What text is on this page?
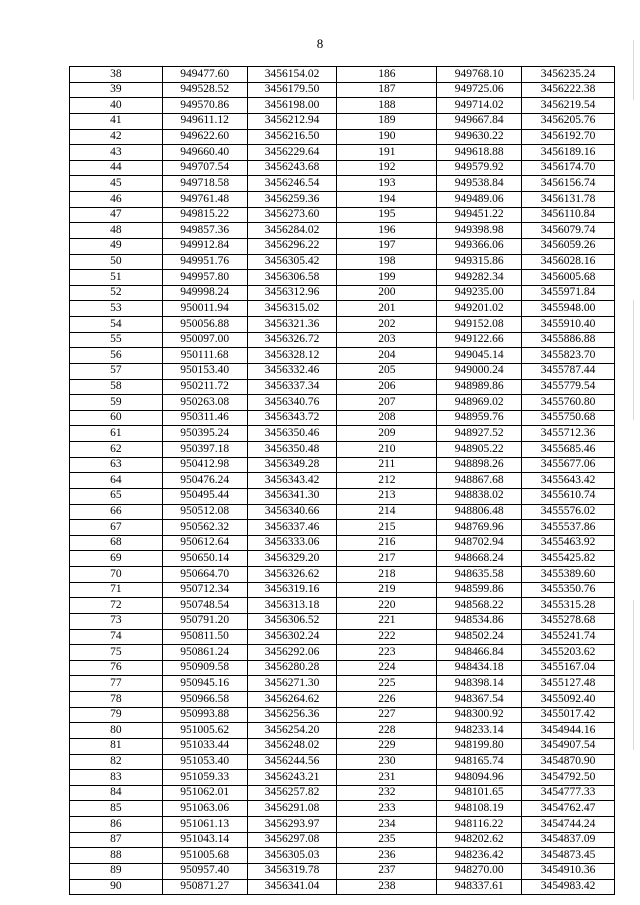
8
38	949477.60	3456154.02	186	949768.10	3456235.24
39	949528.52	3456179.50	187	949725.06	3456222.38
40	949570.86	3456198.00	188	949714.02	3456219.54
41	949611.12	3456212.94	189	949667.84	3456205.76
42	949622.60	3456216.50	190	949630.22	3456192.70
43	949660.40	3456229.64	191	949618.88	3456189.16
44	949707.54	3456243.68	192	949579.92	3456174.70
45	949718.58	3456246.54	193	949538.84	3456156.74
46	949761.48	3456259.36	194	949489.06	3456131.78
47	949815.22	3456273.60	195	949451.22	3456110.84
48	949857.36	3456284.02	196	949398.98	3456079.74
49	949912.84	3456296.22	197	949366.06	3456059.26
50	949951.76	3456305.42	198	949315.86	3456028.16
51	949957.80	3456306.58	199	949282.34	3456005.68
52	949998.24	3456312.96	200	949235.00	3455971.84
53	950011.94	3456315.02	201	949201.02	3455948.00
54	950056.88	3456321.36	202	949152.08	3455910.40
55	950097.00	3456326.72	203	949122.66	3455886.88
56	950111.68	3456328.12	204	949045.14	3455823.70
57	950153.40	3456332.46	205	949000.24	3455787.44
58	950211.72	3456337.34	206	948989.86	3455779.54
59	950263.08	3456340.76	207	948969.02	3455760.80
60	950311.46	3456343.72	208	948959.76	3455750.68
61	950395.24	3456350.46	209	948927.52	3455712.36
62	950397.18	3456350.48	210	948905.22	3455685.46
63	950412.98	3456349.28	211	948898.26	3455677.06
64	950476.24	3456343.42	212	948867.68	3455643.42
65	950495.44	3456341.30	213	948838.02	3455610.74
66	950512.08	3456340.66	214	948806.48	3455576.02
67	950562.32	3456337.46	215	948769.96	3455537.86
68	950612.64	3456333.06	216	948702.94	3455463.92
69	950650.14	3456329.20	217	948668.24	3455425.82
70	950664.70	3456326.62	218	948635.58	3455389.60
71	950712.34	3456319.16	219	948599.86	3455350.76
72	950748.54	3456313.18	220	948568.22	3455315.28
73	950791.20	3456306.52	221	948534.86	3455278.68
74	950811.50	3456302.24	222	948502.24	3455241.74
75	950861.24	3456292.06	223	948466.84	3455203.62
76	950909.58	3456280.28	224	948434.18	3455167.04
77	950945.16	3456271.30	225	948398.14	3455127.48
78	950966.58	3456264.62	226	948367.54	3455092.40
79	950993.88	3456256.36	227	948300.92	3455017.42
80	951005.62	3456254.20	228	948233.14	3454944.16
81	951033.44	3456248.02	229	948199.80	3454907.54
82	951053.40	3456244.56	230	948165.74	3454870.90
83	951059.33	3456243.21	231	948094.96	3454792.50
84	951062.01	3456257.82	232	948101.65	3454777.33
85	951063.06	3456291.08	233	948108.19	3454762.47
86	951061.13	3456293.97	234	948116.22	3454744.24
87	951043.14	3456297.08	235	948202.62	3454837.09
88	951005.68	3456305.03	236	948236.42	3454873.45
89	950957.40	3456319.78	237	948270.00	3454910.36
90	950871.27	3456341.04	238	948337.61	3454983.42
